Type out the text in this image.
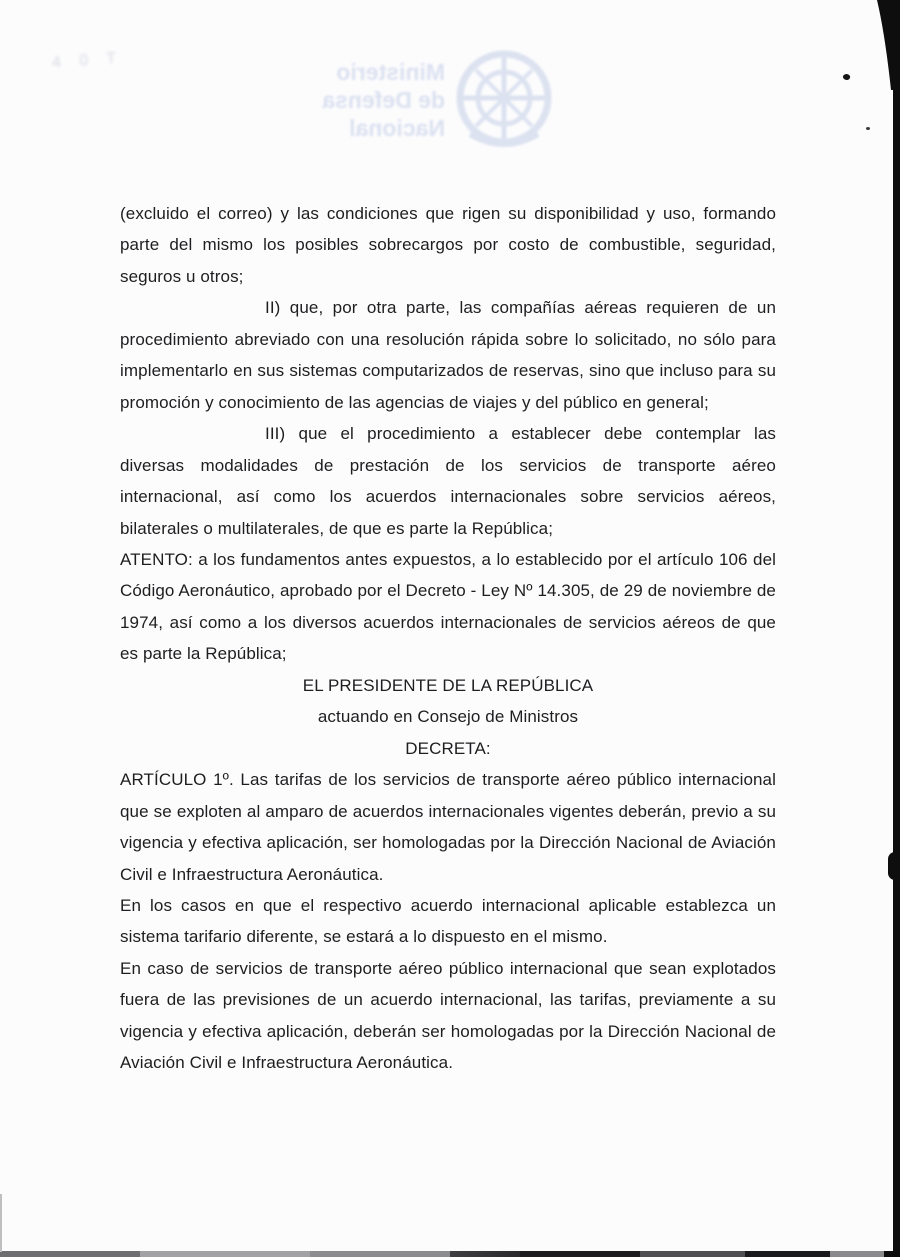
4 0 T	Ministerio
de Defensa
Nacional

(excluido el correo) y las condiciones que rigen su disponibilidad y uso, formando parte del mismo los posibles sobrecargos por costo de combustible, seguridad, seguros u otros;

II) que, por otra parte, las compañías aéreas requieren de un procedimiento abreviado con una resolución rápida sobre lo solicitado, no sólo para implementarlo en sus sistemas computarizados de reservas, sino que incluso para su promoción y conocimiento de las agencias de viajes y del público en general;

III) que el procedimiento a establecer debe contemplar las diversas modalidades de prestación de los servicios de transporte aéreo internacional, así como los acuerdos internacionales sobre servicios aéreos, bilaterales o multilaterales, de que es parte la República;

ATENTO: a los fundamentos antes expuestos, a lo establecido por el artículo 106 del Código Aeronáutico, aprobado por el Decreto - Ley Nº 14.305, de 29 de noviembre de 1974, así como a los diversos acuerdos internacionales de servicios aéreos de que es parte la República;

EL PRESIDENTE DE LA REPÚBLICA

actuando en Consejo de Ministros

DECRETA:

ARTÍCULO 1º. Las tarifas de los servicios de transporte aéreo público internacional que se exploten al amparo de acuerdos internacionales vigentes deberán, previo a su vigencia y efectiva aplicación, ser homologadas por la Dirección Nacional de Aviación Civil e Infraestructura Aeronáutica.

En los casos en que el respectivo acuerdo internacional aplicable establezca un sistema tarifario diferente, se estará a lo dispuesto en el mismo.

En caso de servicios de transporte aéreo público internacional que sean explotados fuera de las previsiones de un acuerdo internacional, las tarifas, previamente a su vigencia y efectiva aplicación, deberán ser homologadas por la Dirección Nacional de Aviación Civil e Infraestructura Aeronáutica.
